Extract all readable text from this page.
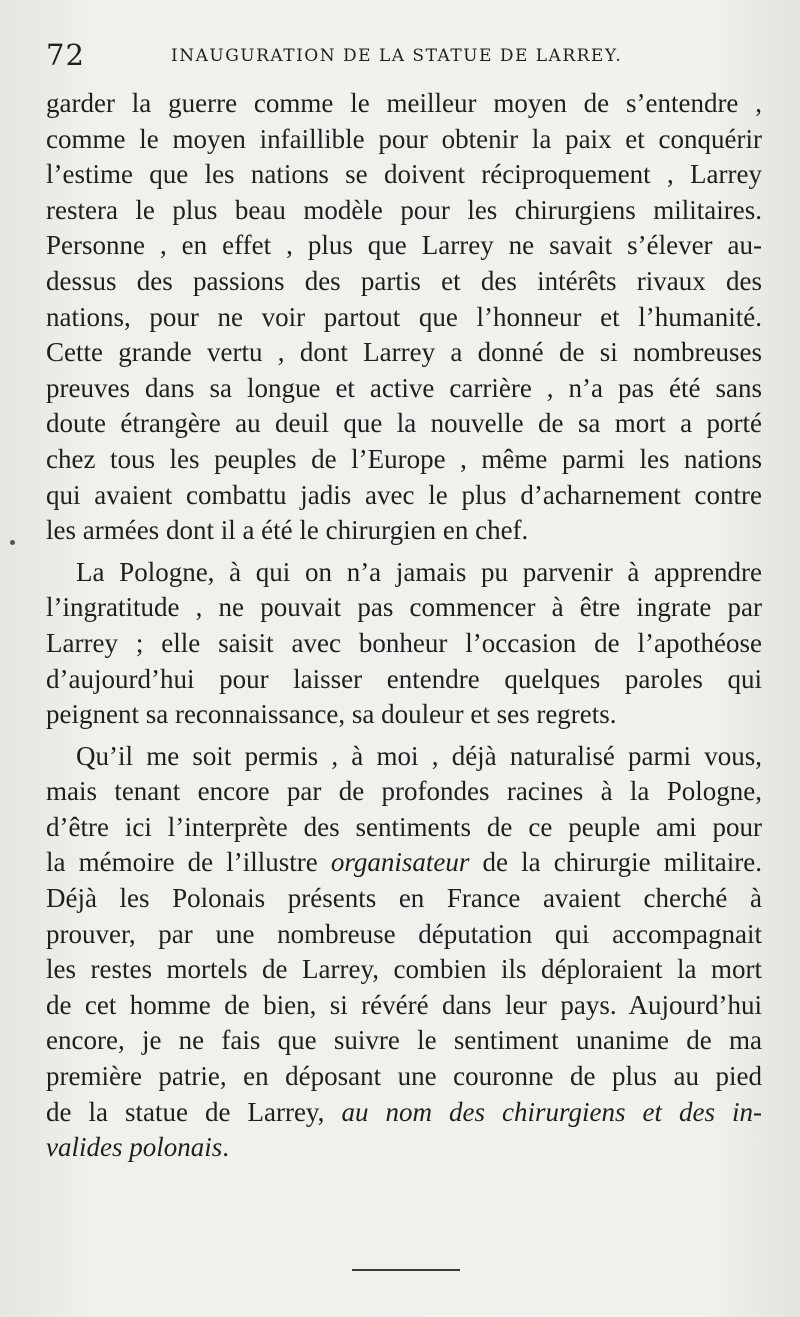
72	INAUGURATION DE LA STATUE DE LARREY.
garder la guerre comme le meilleur moyen de s’entendre ,
comme le moyen infaillible pour obtenir la paix et conquérir
l’estime que les nations se doivent réciproquement , Larrey
restera le plus beau modèle pour les chirurgiens militaires.
Personne , en effet , plus que Larrey ne savait s’élever au-
dessus des passions des partis et des intérêts rivaux des
nations, pour ne voir partout que l’honneur et l’humanité.
Cette grande vertu , dont Larrey a donné de si nombreuses
preuves dans sa longue et active carrière , n’a pas été sans
doute étrangère au deuil que la nouvelle de sa mort a porté
chez tous les peuples de l’Europe , même parmi les nations
qui avaient combattu jadis avec le plus d’acharnement contre
les armées dont il a été le chirurgien en chef.
La Pologne, à qui on n’a jamais pu parvenir à apprendre
l’ingratitude , ne pouvait pas commencer à être ingrate par
Larrey ; elle saisit avec bonheur l’occasion de l’apothéose
d’aujourd’hui pour laisser entendre quelques paroles qui
peignent sa reconnaissance, sa douleur et ses regrets.
Qu’il me soit permis , à moi , déjà naturalisé parmi vous,
mais tenant encore par de profondes racines à la Pologne,
d’être ici l’interprète des sentiments de ce peuple ami pour
la mémoire de l’illustre organisateur de la chirurgie militaire.
Déjà les Polonais présents en France avaient cherché à
prouver, par une nombreuse députation qui accompagnait
les restes mortels de Larrey, combien ils déploraient la mort
de cet homme de bien, si révéré dans leur pays. Aujourd’hui
encore, je ne fais que suivre le sentiment unanime de ma
première patrie, en déposant une couronne de plus au pied
de la statue de Larrey, au nom des chirurgiens et des in-
valides polonais.
